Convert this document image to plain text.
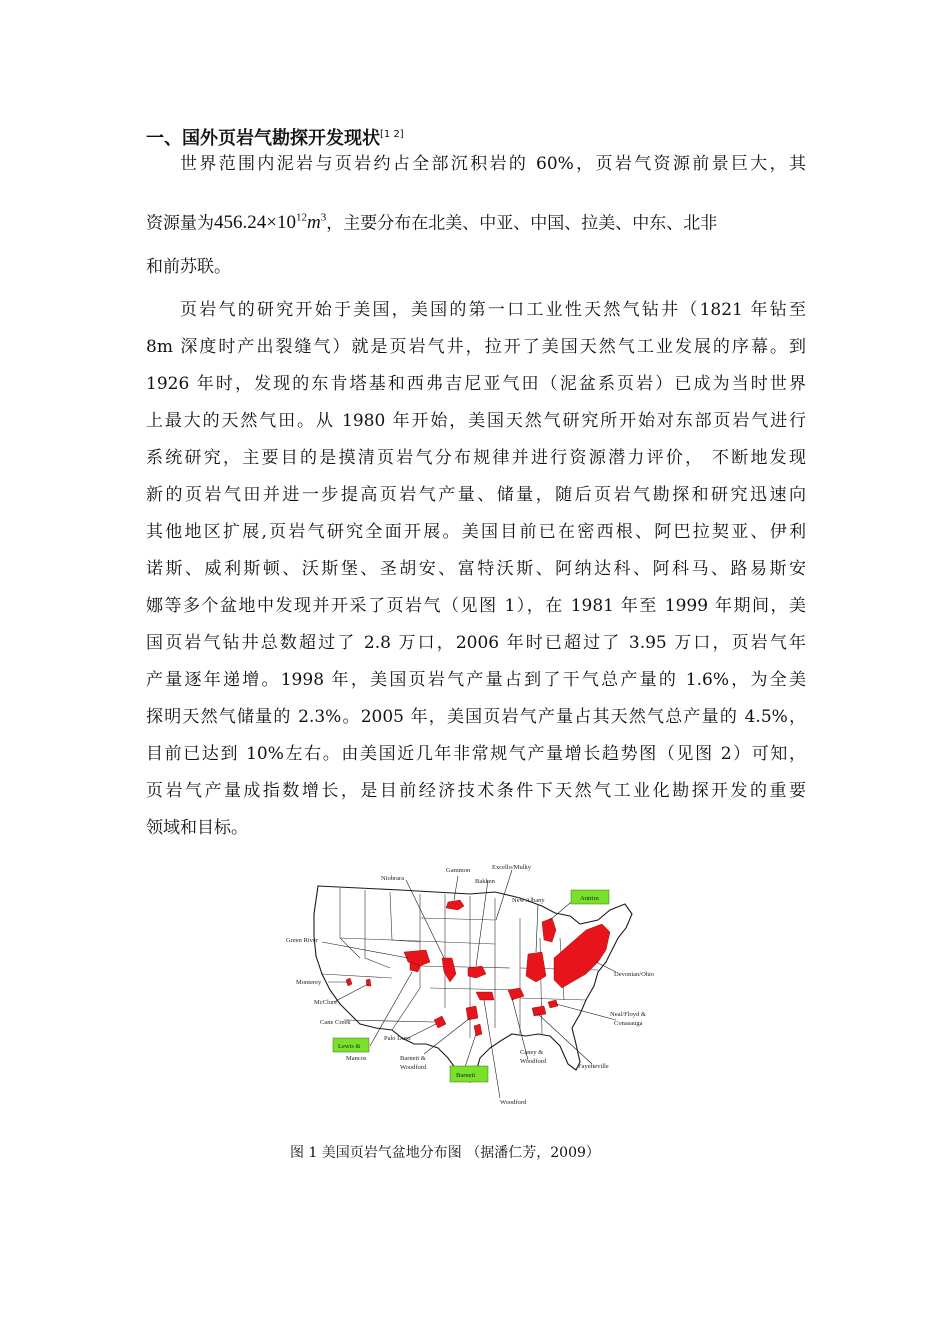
一、国外页岩气勘探开发现状[1 2]
世界范围内泥岩与页岩约占全部沉积岩的 60%，页岩气资源前景巨大，其
资源量为$456.24\times 10^{12}m^3$，主要分布在北美、中亚、中国、拉美、中东、北非
和前苏联。
页岩气的研究开始于美国，美国的第一口工业性天然气钻井（1821 年钻至
8m 深度时产出裂缝气）就是页岩气井，拉开了美国天然气工业发展的序幕。到
1926 年时，发现的东肯塔基和西弗吉尼亚气田（泥盆系页岩）已成为当时世界
上最大的天然气田。从 1980 年开始，美国天然气研究所开始对东部页岩气进行
系统研究，主要目的是摸清页岩气分布规律并进行资源潜力评价， 不断地发现
新的页岩气田并进一步提高页岩气产量、储量，随后页岩气勘探和研究迅速向
其他地区扩展,页岩气研究全面开展。美国目前已在密西根、阿巴拉契亚、伊利
诺斯、威利斯顿、沃斯堡、圣胡安、富特沃斯、阿纳达科、阿科马、路易斯安
娜等多个盆地中发现并开采了页岩气（见图 1），在 1981 年至 1999 年期间，美
国页岩气钻井总数超过了 2.8 万口，2006 年时已超过了 3.95 万口，页岩气年
产量逐年递增。1998 年，美国页岩气产量占到了干气总产量的 1.6%，为全美
探明天然气储量的 2.3%。2005 年，美国页岩气产量占其天然气总产量的 4.5%，
目前已达到 10%左右。由美国近几年非常规气产量增长趋势图（见图 2）可知，
页岩气产量成指数增长，是目前经济技术条件下天然气工业化勘探开发的重要
领域和目标。
Gammon	Excello/Mulky
Niobrara	Bakken
New Albany	Antrim
Green River
Devonian/Ohio
Monterey
McClure
Neal/Floyd &
Conasauga
Cane Creek
Palo Duro
Lewis &
Mancos
Caney &
Woodford
Fayetteville
Barnett &
Woodford
Barnett
Woodford
图 1 美国页岩气盆地分布图 （据潘仁芳，2009）
